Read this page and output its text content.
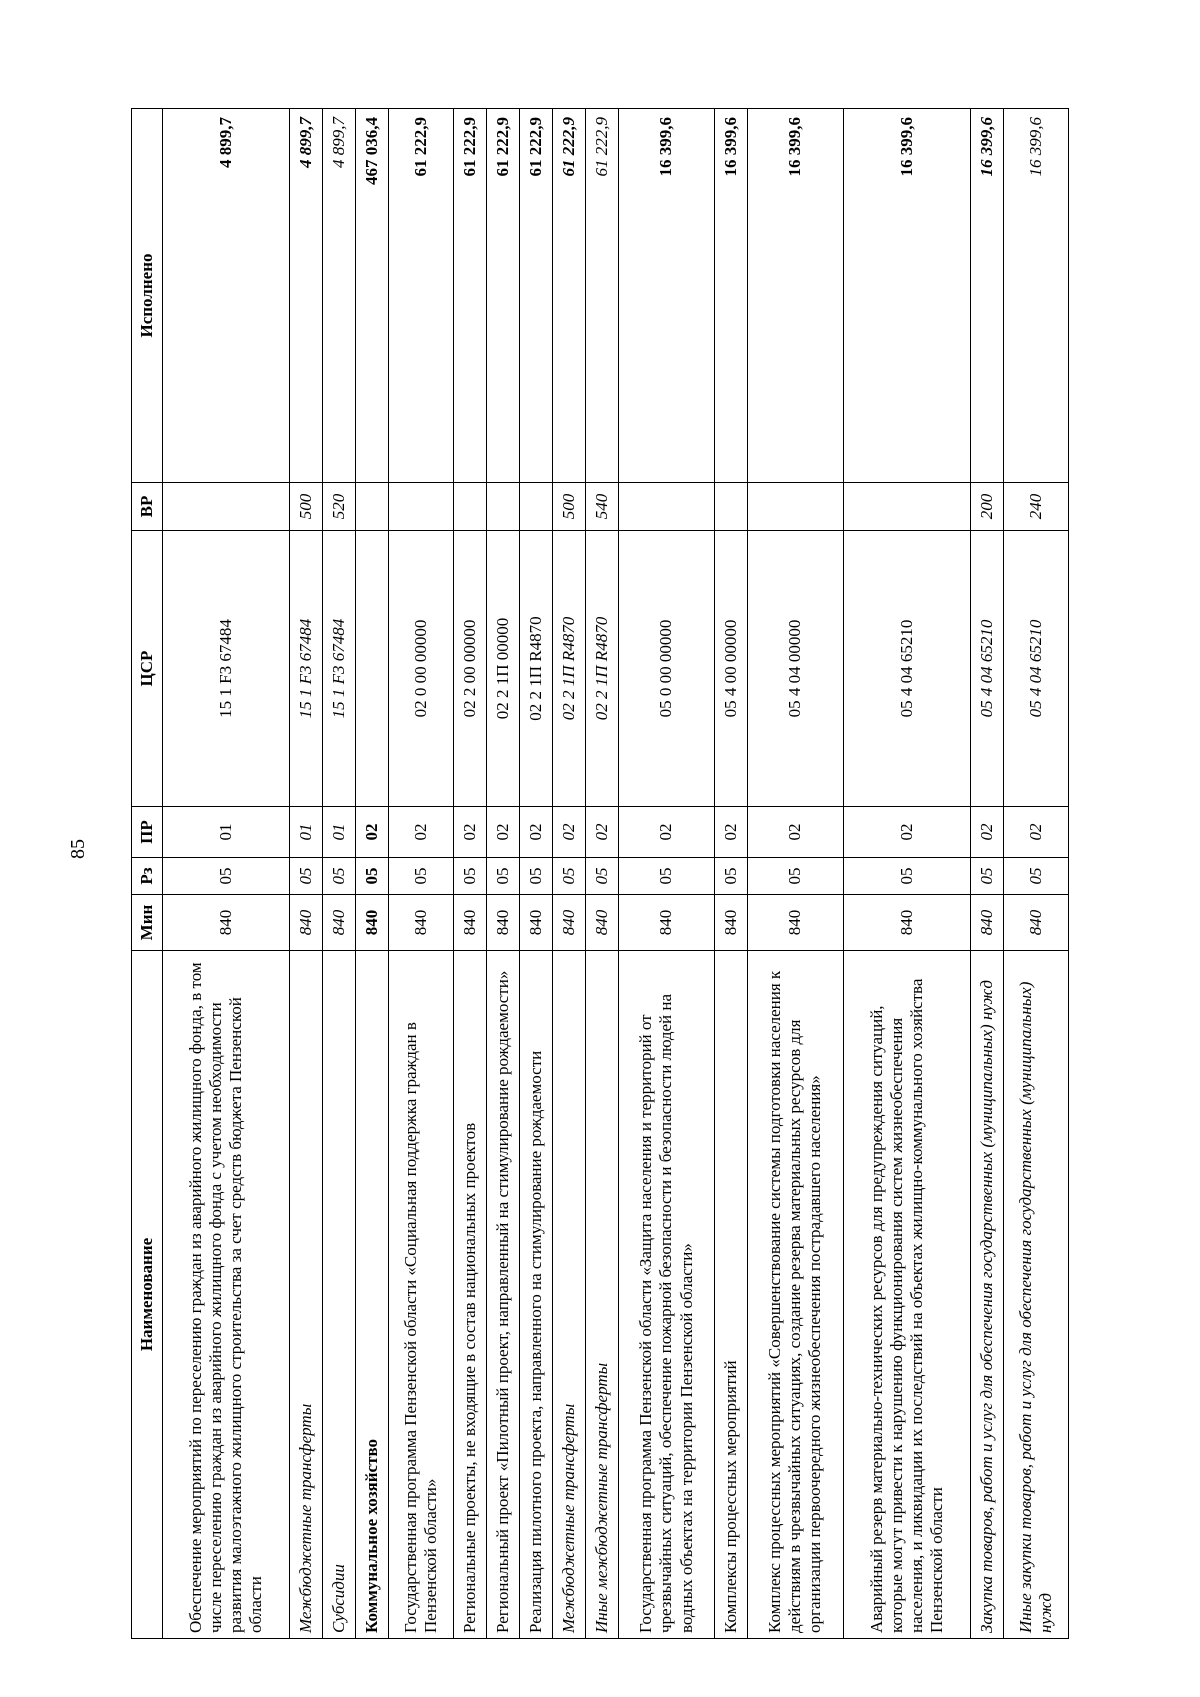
85
Наименование	Мин	Рз	ПР	ЦСР	ВР	Исполнено
Обеспечение мероприятий по переселению граждан из аварийного жилищного фонда, в том числе переселению граждан из аварийного жилищного фонда с учетом необходимости развития малоэтажного жилищного строительства за счет средств бюджета Пензенской области	840	05	01	15 1 F3 67484		4 899,7
Межбюджетные трансферты	840	05	01	15 1 F3 67484	500	4 899,7
Субсидии	840	05	01	15 1 F3 67484	520	4 899,7
Коммунальное хозяйство	840	05	02			467 036,4
Государственная программа Пензенской области «Социальная поддержка граждан в Пензенской области»	840	05	02	02 0 00 00000		61 222,9
Региональные проекты, не входящие в состав национальных проектов	840	05	02	02 2 00 00000		61 222,9
Региональный проект «Пилотный проект, направленный на стимулирование рождаемости»	840	05	02	02 2 1П 00000		61 222,9
Реализация пилотного проекта, направленного на стимулирование рождаемости	840	05	02	02 2 1П R4870		61 222,9
Межбюджетные трансферты	840	05	02	02 2 1П R4870	500	61 222,9
Иные межбюджетные трансферты	840	05	02	02 2 1П R4870	540	61 222,9
Государственная программа Пензенской области «Защита населения и территорий от чрезвычайных ситуаций, обеспечение пожарной безопасности и безопасности людей на водных объектах на территории Пензенской области»	840	05	02	05 0 00 00000		16 399,6
Комплексы процессных мероприятий	840	05	02	05 4 00 00000		16 399,6
Комплекс процессных мероприятий «Совершенствование системы подготовки населения к действиям в чрезвычайных ситуациях, создание резерва материальных ресурсов для организации первоочередного жизнеобеспечения пострадавшего населения»	840	05	02	05 4 04 00000		16 399,6
Аварийный резерв материально-технических ресурсов для предупреждения ситуаций, которые могут привести к нарушению функционирования систем жизнеобеспечения населения, и ликвидации их последствий на объектах жилищно-коммунального хозяйства Пензенской области	840	05	02	05 4 04 65210		16 399,6
Закупка товаров, работ и услуг для обеспечения государственных (муниципальных) нужд	840	05	02	05 4 04 65210	200	16 399,6
Иные закупки товаров, работ и услуг для обеспечения государственных (муниципальных) нужд	840	05	02	05 4 04 65210	240	16 399,6
